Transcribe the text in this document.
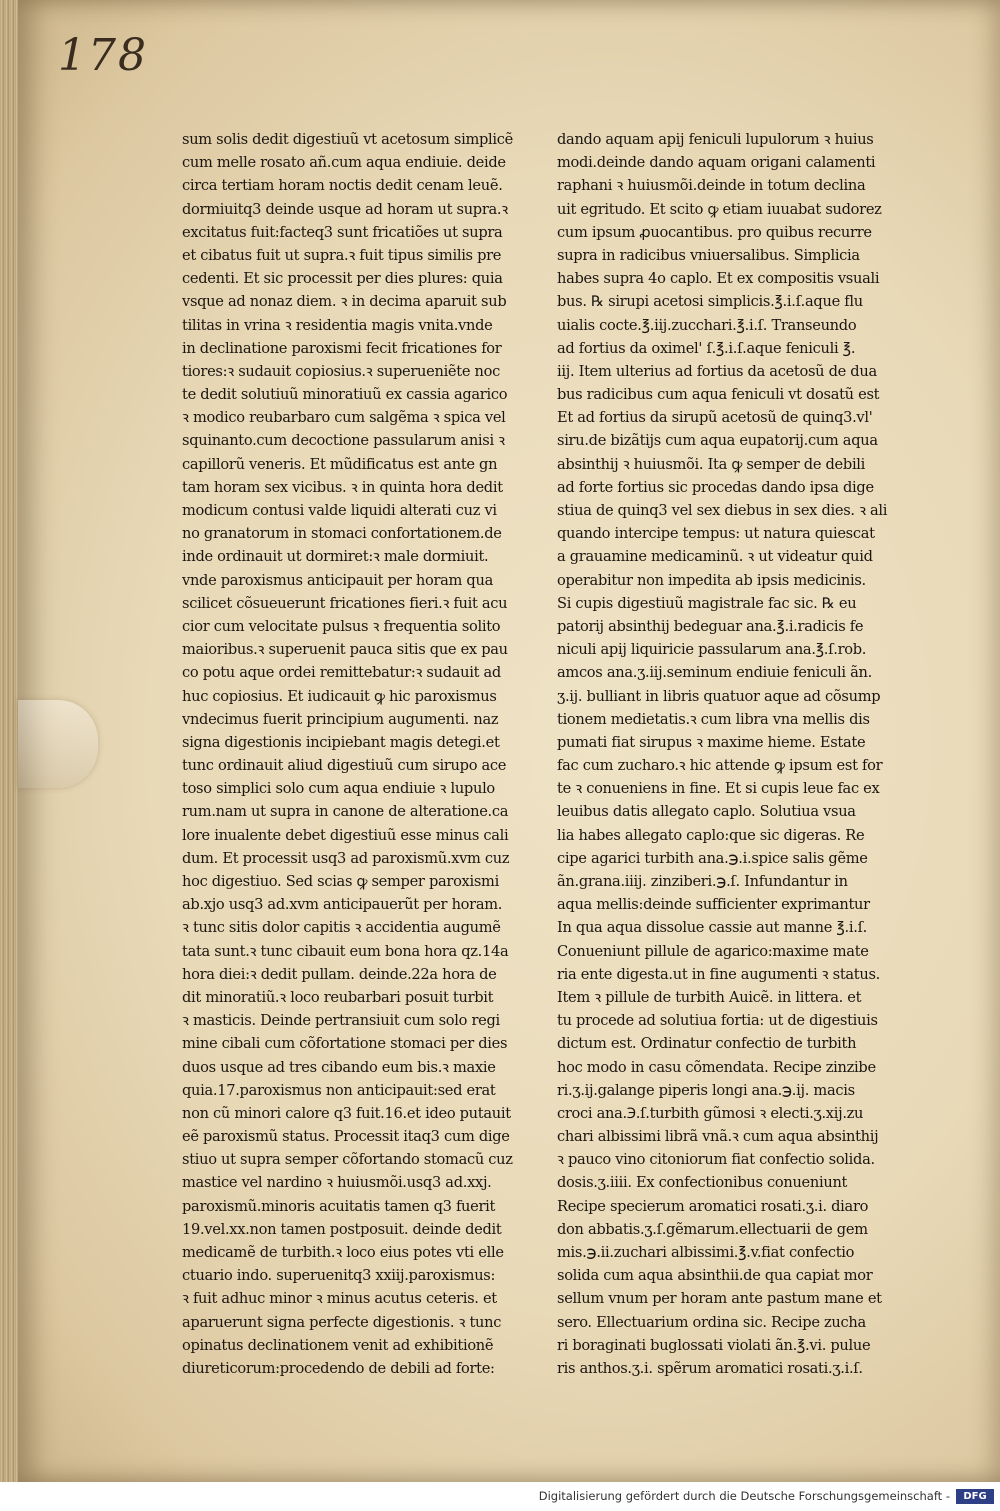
178
sum solis dedit digestiuũ vt acetosum simplicẽ
cum melle rosato añ.cum aqua endiuie. deide
circa tertiam horam noctis dedit cenam leuẽ.
dormiuitq3 deinde usque ad horam ut supra.ꝛ
excitatus fuit:facteq3 sunt fricatiões ut supra
et cibatus fuit ut supra.ꝛ fuit tipus similis pre
cedenti. Et sic processit per dies plures: quia
vsque ad nonaz diem. ꝛ in decima aparuit sub
tilitas in vrina ꝛ residentia magis vnita.vnde
in declinatione paroxismi fecit fricationes for
tiores:ꝛ sudauit copiosius.ꝛ superueniẽte noc
te dedit solutiuũ minoratiuũ ex cassia agarico
ꝛ modico reubarbaro cum salgẽma ꝛ spica vel
squinanto.cum decoctione passularum anisi ꝛ
capillorũ veneris. Et mũdificatus est ante gn
tam horam sex vicibus. ꝛ in quinta hora dedit
modicum contusi valde liquidi alterati cuz vi
no granatorum in stomaci confortationem.de
inde ordinauit ut dormiret:ꝛ male dormiuit.
vnde paroxismus anticipauit per horam qua
scilicet cõsueuerunt fricationes fieri.ꝛ fuit acu
cior cum velocitate pulsus ꝛ frequentia solito
maioribus.ꝛ superuenit pauca sitis que ex pau
co potu aque ordei remittebatur:ꝛ sudauit ad
huc copiosius. Et iudicauit ꝙ hic paroxismus
vndecimus fuerit principium augumenti. naz
signa digestionis incipiebant magis detegi.et
tunc ordinauit aliud digestiuũ cum sirupo ace
toso simplici solo cum aqua endiuie ꝛ lupulo
rum.nam ut supra in canone de alteratione.ca
lore inualente debet digestiuũ esse minus cali
dum. Et processit usq3 ad paroxismũ.xvm cuz
hoc digestiuo. Sed scias ꝙ semper paroxismi
ab.xjo usq3 ad.xvm anticipauerũt per horam.
ꝛ tunc sitis dolor capitis ꝛ accidentia augumẽ
tata sunt.ꝛ tunc cibauit eum bona hora qz.14a
hora diei:ꝛ dedit pullam. deinde.22a hora de
dit minoratiũ.ꝛ loco reubarbari posuit turbit
ꝛ masticis. Deinde pertransiuit cum solo regi
mine cibali cum cõfortatione stomaci per dies
duos usque ad tres cibando eum bis.ꝛ maxie
quia.17.paroxismus non anticipauit:sed erat
non cũ minori calore q3 fuit.16.et ideo putauit
eẽ paroxismũ status. Processit itaq3 cum dige
stiuo ut supra semper cõfortando stomacũ cuz
mastice vel nardino ꝛ huiusmõi.usq3 ad.xxj.
paroxismũ.minoris acuitatis tamen q3 fuerit
19.vel.xx.non tamen postposuit. deinde dedit
medicamẽ de turbith.ꝛ loco eius potes vti elle
ctuario indo. superuenitq3 xxiij.paroxismus:
ꝛ fuit adhuc minor ꝛ minus acutus ceteris. et
aparuerunt signa perfecte digestionis. ꝛ tunc
opinatus declinationem venit ad exhibitionẽ
diureticorum:procedendo de debili ad forte:
dando aquam apij feniculi lupulorum ꝛ huius
modi.deinde dando aquam origani calamenti
raphani ꝛ huiusmõi.deinde in totum declina
uit egritudo. Et scito ꝙ etiam iuuabat sudorez
cum ipsum ꝓuocantibus. pro quibus recurre
supra in radicibus vniuersalibus. Simplicia
habes supra 4o caplo. Et ex compositis vsuali
bus. ℞ sirupi acetosi simplicis.℥.i.ſ.aque flu
uialis cocte.℥.iij.zucchari.℥.i.ſ. Transeundo
ad fortius da oximel' ſ.℥.i.ſ.aque feniculi ℥.
iij. Item ulterius ad fortius da acetosũ de dua
bus radicibus cum aqua feniculi vt dosatũ est
Et ad fortius da sirupũ acetosũ de quinq3.vl'
siru.de bizãtijs cum aqua eupatorij.cum aqua
absinthij ꝛ huiusmõi. Ita ꝙ semper de debili
ad forte fortius sic procedas dando ipsa dige
stiua de quinq3 vel sex diebus in sex dies. ꝛ ali
quando intercipe tempus: ut natura quiescat
a grauamine medicaminũ. ꝛ ut videatur quid
operabitur non impedita ab ipsis medicinis.
Si cupis digestiuũ magistrale fac sic. ℞ eu
patorij absinthij bedeguar ana.℥.i.radicis fe
niculi apij liquiricie passularum ana.℥.ſ.rob.
amcos ana.ʒ.iij.seminum endiuie feniculi ãn.
ʒ.ij. bulliant in libris quatuor aque ad cõsump
tionem medietatis.ꝛ cum libra vna mellis dis
pumati fiat sirupus ꝛ maxime hieme. Estate
fac cum zucharo.ꝛ hic attende ꝙ ipsum est for
te ꝛ conueniens in fine. Et si cupis leue fac ex
leuibus datis allegato caplo. Solutiua vsua
lia habes allegato caplo:que sic digeras. Re
cipe agarici turbith ana.℈.i.spice salis gẽme
ãn.grana.iiij. zinziberi.℈.ſ. Infundantur in
aqua mellis:deinde sufficienter exprimantur
In qua aqua dissolue cassie aut manne ℥.i.ſ.
Conueniunt pillule de agarico:maxime mate
ria ente digesta.ut in fine augumenti ꝛ status.
Item ꝛ pillule de turbith Auicẽ. in littera. et
tu procede ad solutiua fortia: ut de digestiuis
dictum est. Ordinatur confectio de turbith
hoc modo in casu cõmendata. Recipe zinzibe
ri.ʒ.ij.galange piperis longi ana.℈.ij. macis
croci ana.℈.ſ.turbith gũmosi ꝛ electi.ʒ.xij.zu
chari albissimi librã vnã.ꝛ cum aqua absinthij
ꝛ pauco vino citoniorum fiat confectio solida.
dosis.ʒ.iiii. Ex confectionibus conueniunt
Recipe specierum aromatici rosati.ʒ.i. diaro
don abbatis.ʒ.ſ.gẽmarum.ellectuarii de gem
mis.℈.ii.zuchari albissimi.℥.v.fiat confectio
solida cum aqua absinthii.de qua capiat mor
sellum vnum per horam ante pastum mane et
sero. Ellectuarium ordina sic. Recipe zucha
ri boraginati buglossati violati ãn.℥.vi. pulue
ris anthos.ʒ.i. spẽrum aromatici rosati.ʒ.i.ſ.
Digitalisierung gefördert durch die Deutsche Forschungsgemeinschaft -	DFG
